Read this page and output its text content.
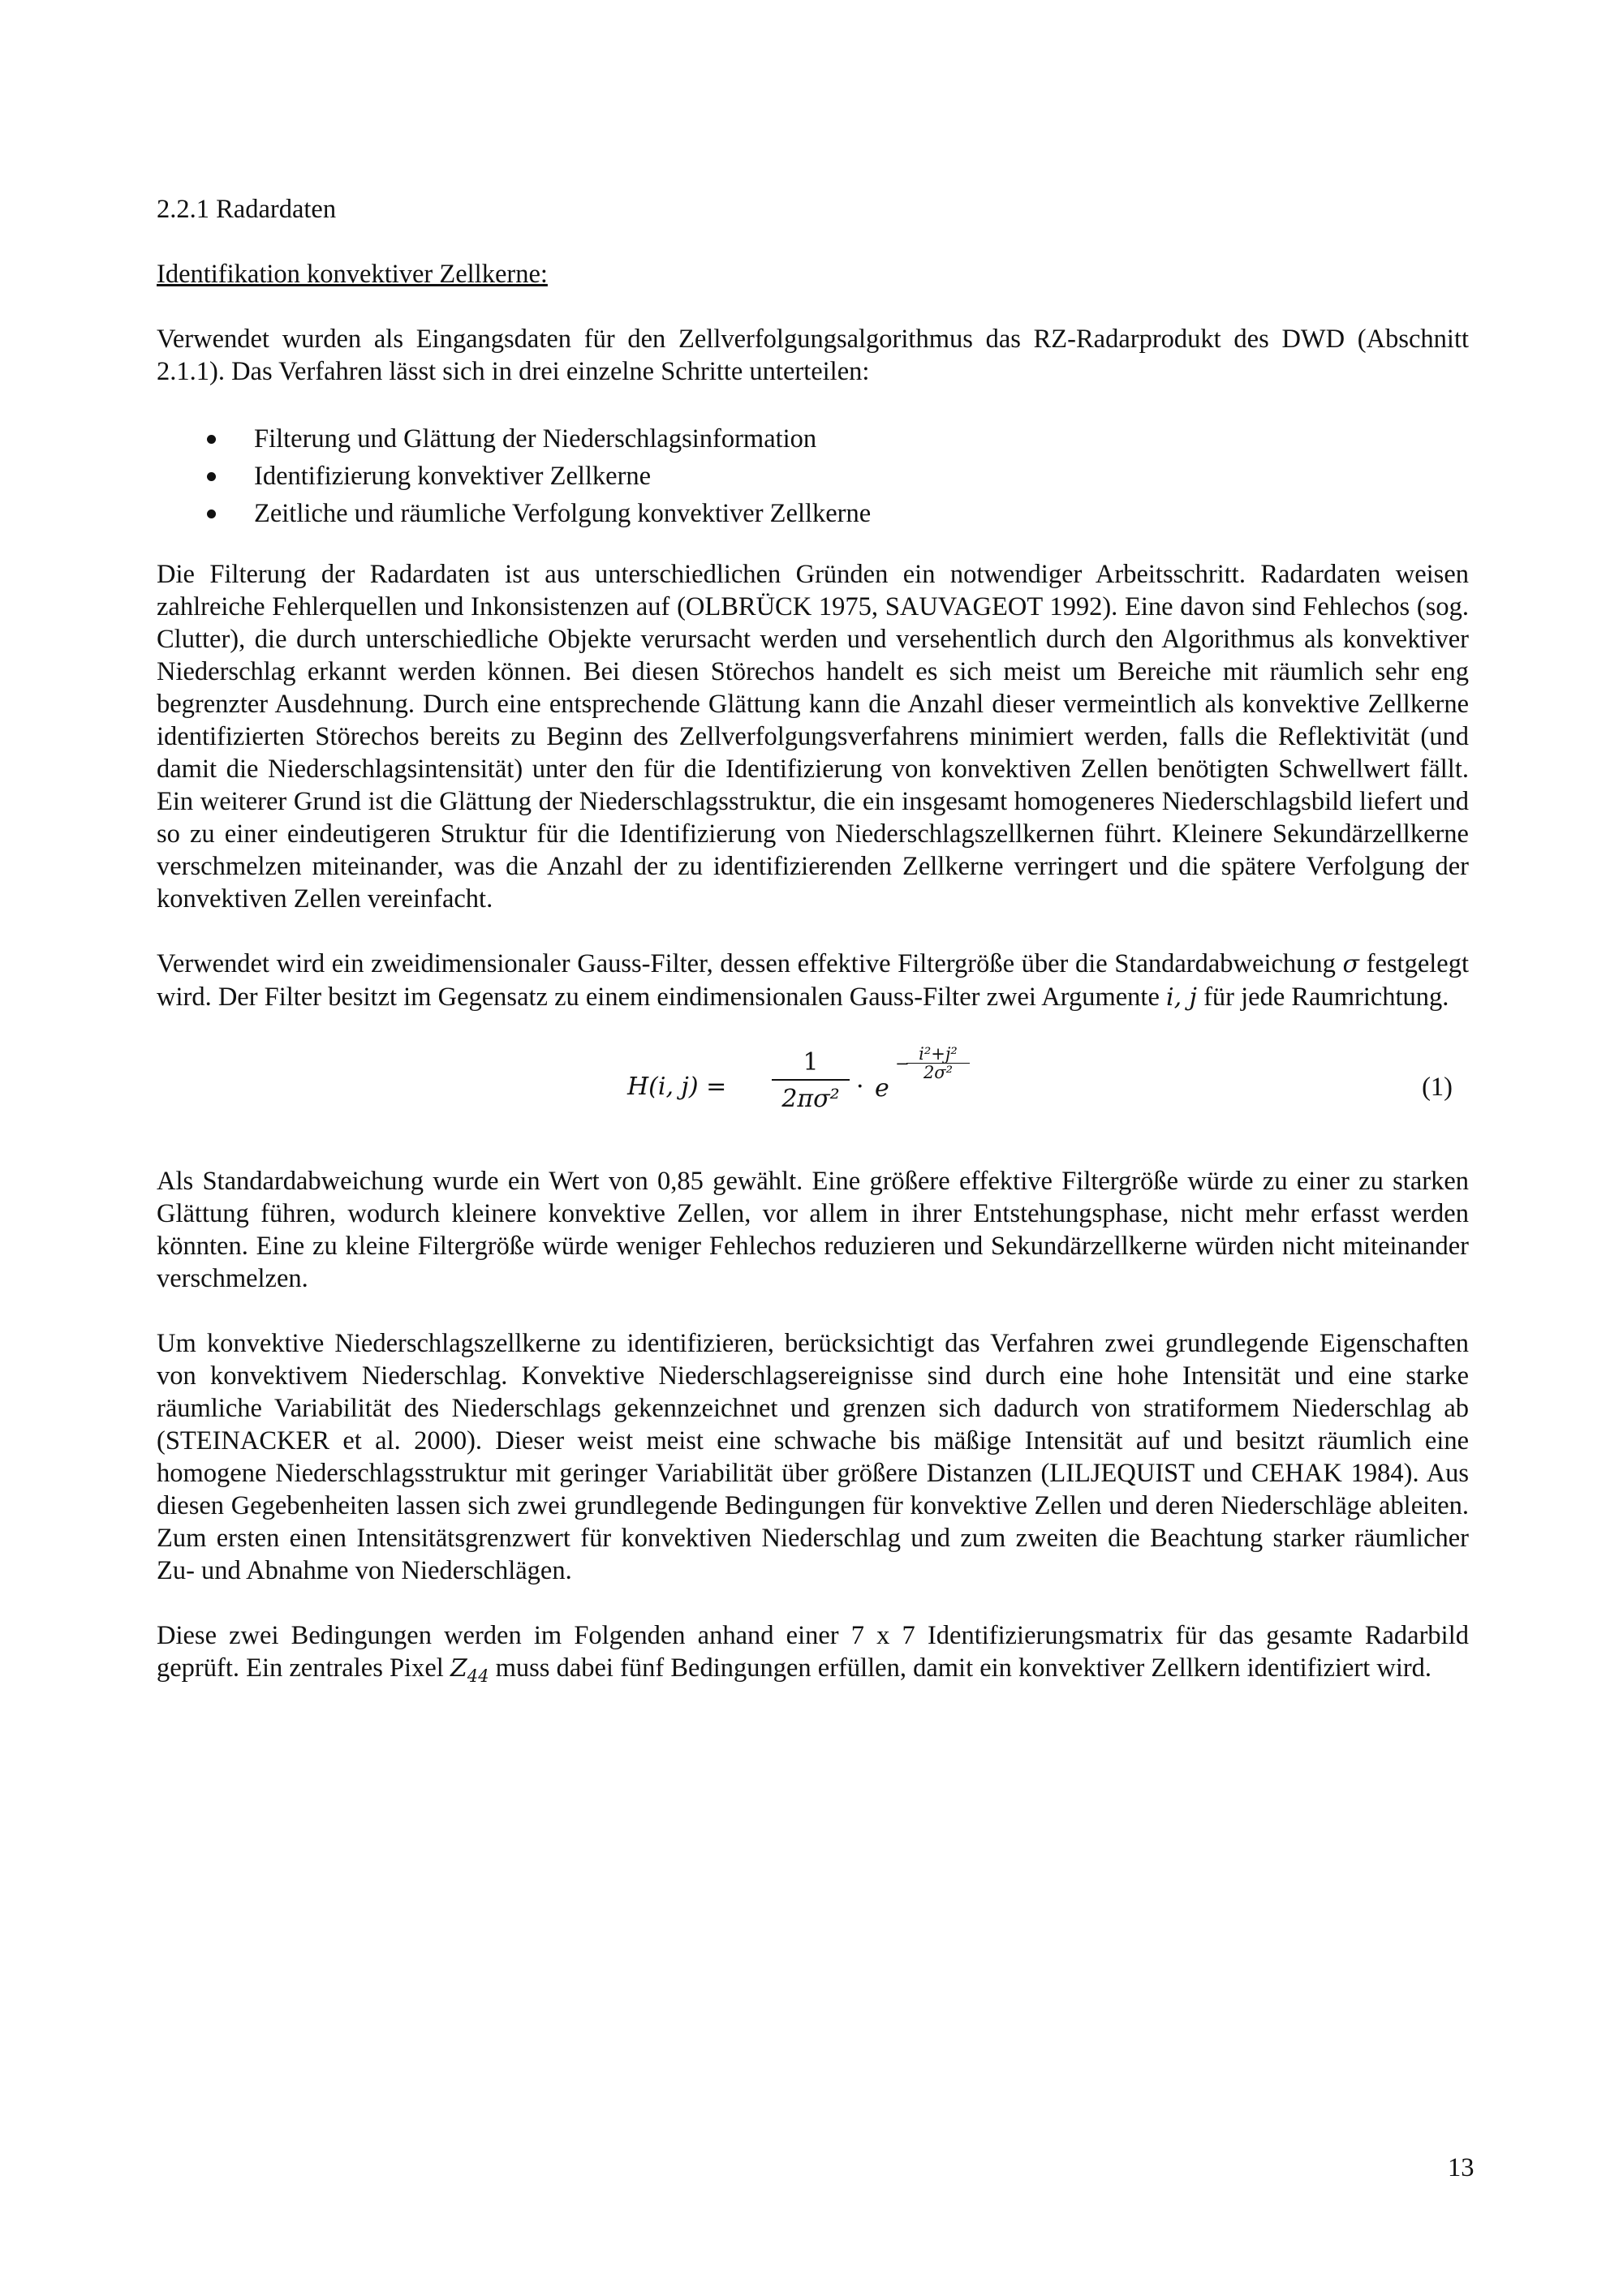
2.2.1 Radardaten
Identifikation konvektiver Zellkerne:

Verwendet wurden als Eingangsdaten für den Zellverfolgungsalgorithmus das RZ-Radarprodukt des DWD (Abschnitt 2.1.1). Das Verfahren lässt sich in drei einzelne Schritte unterteilen:

Filterung und Glättung der Niederschlagsinformation
Identifizierung konvektiver Zellkerne
Zeitliche und räumliche Verfolgung konvektiver Zellkerne

Die Filterung der Radardaten ist aus unterschiedlichen Gründen ein notwendiger Arbeitsschritt. Radardaten weisen zahlreiche Fehlerquellen und Inkonsistenzen auf (OLBRÜCK 1975, SAUVAGEOT 1992). Eine davon sind Fehlechos (sog. Clutter), die durch unterschiedliche Objekte verursacht werden und versehentlich durch den Algorithmus als konvektiver Niederschlag erkannt werden können. Bei diesen Störechos handelt es sich meist um Bereiche mit räumlich sehr eng begrenzter Ausdehnung. Durch eine entsprechende Glättung kann die Anzahl dieser vermeintlich als konvektive Zellkerne identifizierten Störechos bereits zu Beginn des Zellverfolgungsverfahrens minimiert werden, falls die Reflektivität (und damit die Niederschlagsintensität) unter den für die Identifizierung von konvektiven Zellen benötigten Schwellwert fällt. Ein weiterer Grund ist die Glättung der Niederschlagsstruktur, die ein insgesamt homogeneres Niederschlagsbild liefert und so zu einer eindeutigeren Struktur für die Identifizierung von Niederschlagszellkernen führt. Kleinere Sekundärzellkerne verschmelzen miteinander, was die Anzahl der zu identifizierenden Zellkerne verringert und die spätere Verfolgung der konvektiven Zellen vereinfacht.

Verwendet wird ein zweidimensionaler Gauss-Filter, dessen effektive Filtergröße über die Standardabweichung σ festgelegt wird. Der Filter besitzt im Gegensatz zu einem eindimensionalen Gauss-Filter zwei Argumente i, j für jede Raumrichtung.

H(i, j) =
1
2πσ² · e
− i²+j²
2σ²	(1)

Als Standardabweichung wurde ein Wert von 0,85 gewählt. Eine größere effektive Filtergröße würde zu einer zu starken Glättung führen, wodurch kleinere konvektive Zellen, vor allem in ihrer Entstehungsphase, nicht mehr erfasst werden könnten. Eine zu kleine Filtergröße würde weniger Fehlechos reduzieren und Sekundärzellkerne würden nicht miteinander verschmelzen.

Um konvektive Niederschlagszellkerne zu identifizieren, berücksichtigt das Verfahren zwei grundlegende Eigenschaften von konvektivem Niederschlag. Konvektive Niederschlagsereignisse sind durch eine hohe Intensität und eine starke räumliche Variabilität des Niederschlags gekennzeichnet und grenzen sich dadurch von stratiformem Niederschlag ab (STEINACKER et al. 2000). Dieser weist meist eine schwache bis mäßige Intensität auf und besitzt räumlich eine homogene Niederschlagsstruktur mit geringer Variabilität über größere Distanzen (LILJEQUIST und CEHAK 1984). Aus diesen Gegebenheiten lassen sich zwei grundlegende Bedingungen für konvektive Zellen und deren Niederschläge ableiten. Zum ersten einen Intensitätsgrenzwert für konvektiven Niederschlag und zum zweiten die Beachtung starker räumlicher Zu- und Abnahme von Niederschlägen.

Diese zwei Bedingungen werden im Folgenden anhand einer 7 x 7 Identifizierungsmatrix für das gesamte Radarbild geprüft. Ein zentrales Pixel $Z_{44}$ muss dabei fünf Bedingungen erfüllen, damit ein konvektiver Zellkern identifiziert wird.

13
